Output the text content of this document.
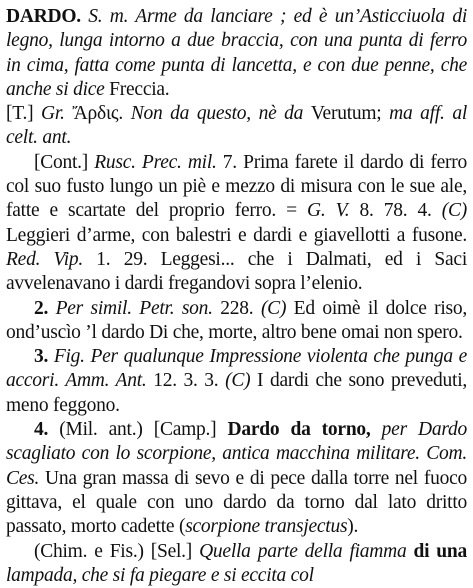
DARDO. S. m. Arme da lanciare ; ed è un’Asticciuola di legno, lunga intorno a due braccia, con una punta di ferro in cima, fatta come punta di lancetta, e con due penne, che anche si dice Freccia.
[T.] Gr. Ἄρδις. Non da questo, nè da Verutum; ma aff. al celt. ant.

[Cont.] Rusc. Prec. mil. 7. Prima farete il dardo di ferro col suo fusto lungo un piè e mezzo di misura con le sue ale, fatte e scartate del proprio ferro. = G. V. 8. 78. 4. (C) Leggieri d’arme, con balestri e dardi e giavellotti a fusone. Red. Vip. 1. 29. Leggesi... che i Dalmati, ed i Saci avvelenavano i dardi fregandovi sopra l’elenio.

2. Per simil. Petr. son. 228. (C) Ed oimè il dolce riso, ond’uscìo ’l dardo Di che, morte, altro bene omai non spero.

3. Fig. Per qualunque Impressione violenta che punga e accori. Amm. Ant. 12. 3. 3. (C) I dardi che sono preveduti, meno feggono.

4. (Mil. ant.) [Camp.] Dardo da torno, per Dardo scagliato con lo scorpione, antica macchina militare. Com. Ces. Una gran massa di sevo e di pece dalla torre nel fuoco gittava, el quale con uno dardo da torno dal lato dritto passato, morto cadette (scorpione transjectus).

(Chim. e Fis.) [Sel.] Quella parte della fiamma di una lampada, che si fa piegare e si eccita col
